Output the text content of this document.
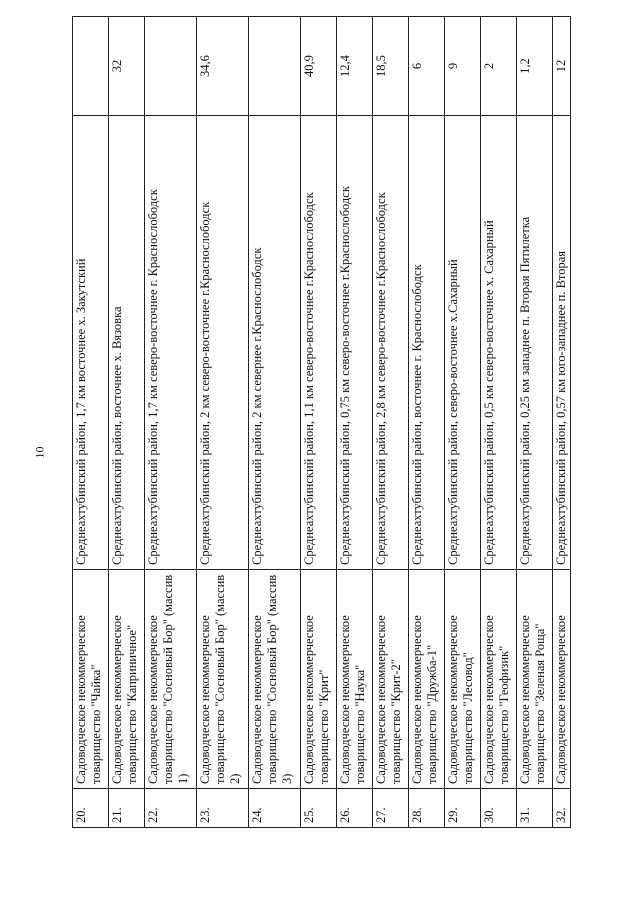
10
20.	Садоводческое некоммерческое товарищество "Чайка"	Среднеахтубинский район, 1,7 км восточнее х. Закутский	
21.	Садоводческое некоммерческое товарищество "Каприничное"	Среднеахтубинский район, восточнее х. Вязовка	32
22.	Садоводческое некоммерческое товарищество "Сосновый Бор" (массив 1)	Среднеахтубинский район, 1,7 км северо-восточнее г. Краснослободск	
23.	Садоводческое некоммерческое товарищество "Сосновый Бор" (массив 2)	Среднеахтубинский район, 2 км северо-восточнее г.Краснослободск	34,6
24.	Садоводческое некоммерческое товарищество "Сосновый Бор" (массив 3)	Среднеахтубинский район, 2 км севернее г.Краснослободск	
25.	Садоводческое некоммерческое товарищество "Крит"	Среднеахтубинский район, 1,1 км северо-восточнее г.Краснослободск	40,9
26.	Садоводческое некоммерческое товарищество "Наука"	Среднеахтубинский район, 0,75 км северо-восточнее г.Краснослободск	12,4
27.	Садоводческое некоммерческое товарищество "Крит-2"	Среднеахтубинский район, 2,8 км северо-восточнее г.Краснослободск	18,5
28.	Садоводческое некоммерческое товарищество "Дружба-1"	Среднеахтубинский район, восточнее г. Краснослободск	6
29.	Садоводческое некоммерческое товарищество "Лесовод"	Среднеахтубинский район, северо-восточнее х.Сахарный	9
30.	Садоводческое некоммерческое товарищество "Геофизик"	Среднеахтубинский район, 0,5 км северо-восточнее х. Сахарный	2
31.	Садоводческое некоммерческое товарищество "Зеленая Роща"	Среднеахтубинский район, 0,25 км западнее п. Вторая Пятилетка	1,2
32.	Садоводческое некоммерческое	Среднеахтубинский район, 0,57 км юго-западнее п. Вторая	12
